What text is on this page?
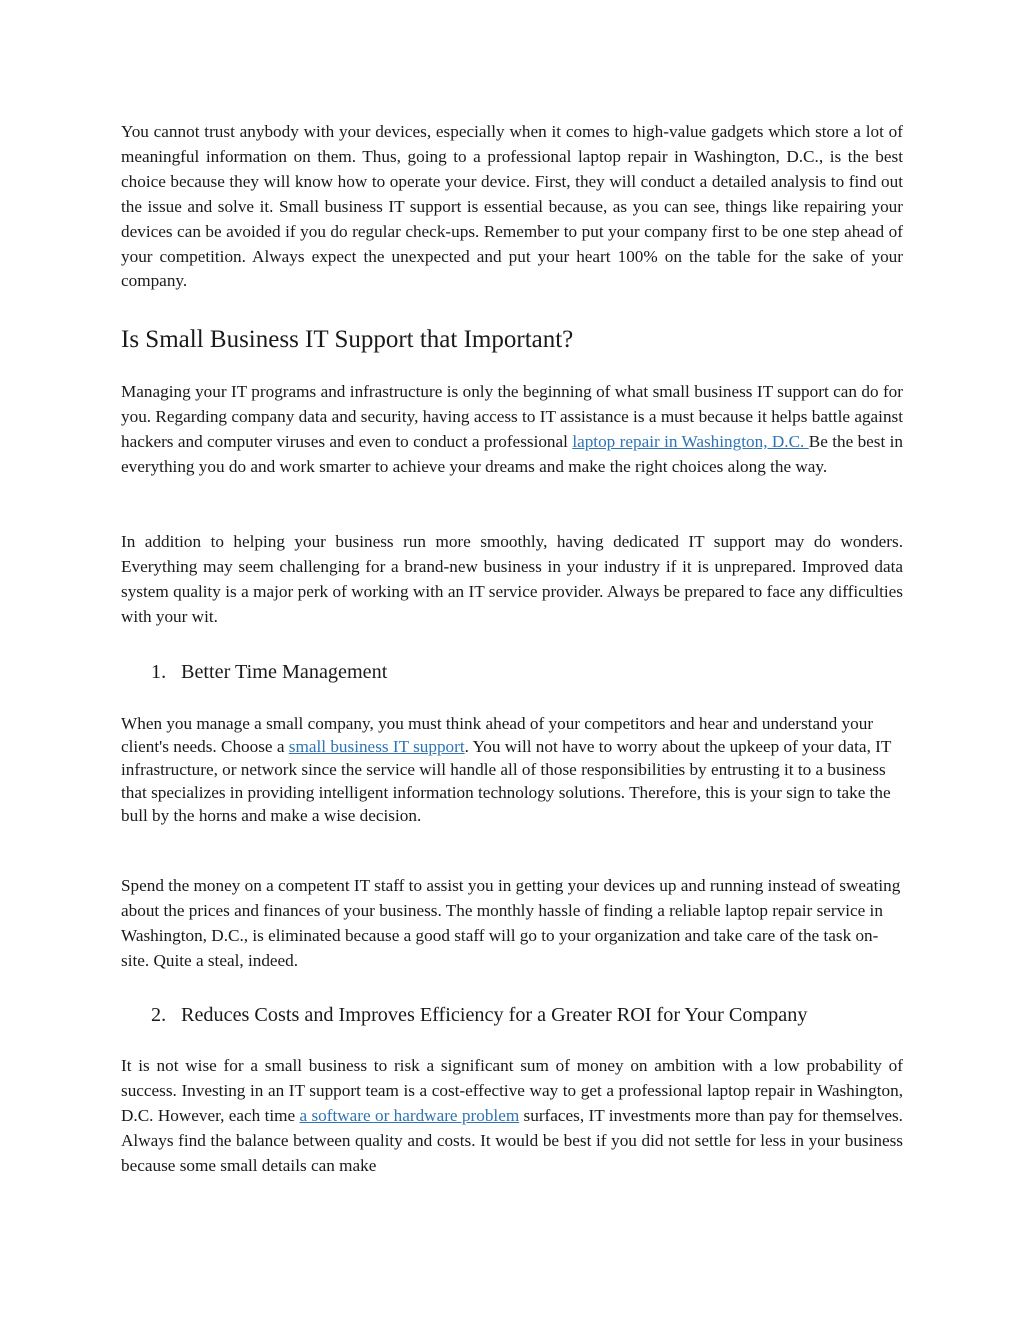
You cannot trust anybody with your devices, especially when it comes to high-value gadgets which store a lot of meaningful information on them. Thus, going to a professional laptop repair in Washington, D.C., is the best choice because they will know how to operate your device. First, they will conduct a detailed analysis to find out the issue and solve it. Small business IT support is essential because, as you can see, things like repairing your devices can be avoided if you do regular check-ups. Remember to put your company first to be one step ahead of your competition. Always expect the unexpected and put your heart 100% on the table for the sake of your company.

Is Small Business IT Support that Important?

Managing your IT programs and infrastructure is only the beginning of what small business IT support can do for you. Regarding company data and security, having access to IT assistance is a must because it helps battle against hackers and computer viruses and even to conduct a professional laptop repair in Washington, D.C. Be the best in everything you do and work smarter to achieve your dreams and make the right choices along the way.

In addition to helping your business run more smoothly, having dedicated IT support may do wonders. Everything may seem challenging for a brand-new business in your industry if it is unprepared. Improved data system quality is a major perk of working with an IT service provider. Always be prepared to face any difficulties with your wit.

1. Better Time Management

When you manage a small company, you must think ahead of your competitors and hear and understand your client's needs. Choose a small business IT support. You will not have to worry about the upkeep of your data, IT infrastructure, or network since the service will handle all of those responsibilities by entrusting it to a business that specializes in providing intelligent information technology solutions. Therefore, this is your sign to take the bull by the horns and make a wise decision.

Spend the money on a competent IT staff to assist you in getting your devices up and running instead of sweating about the prices and finances of your business. The monthly hassle of finding a reliable laptop repair service in Washington, D.C., is eliminated because a good staff will go to your organization and take care of the task on-site. Quite a steal, indeed.

2. Reduces Costs and Improves Efficiency for a Greater ROI for Your Company

It is not wise for a small business to risk a significant sum of money on ambition with a low probability of success. Investing in an IT support team is a cost-effective way to get a professional laptop repair in Washington, D.C. However, each time a software or hardware problem surfaces, IT investments more than pay for themselves. Always find the balance between quality and costs. It would be best if you did not settle for less in your business because some small details can make
